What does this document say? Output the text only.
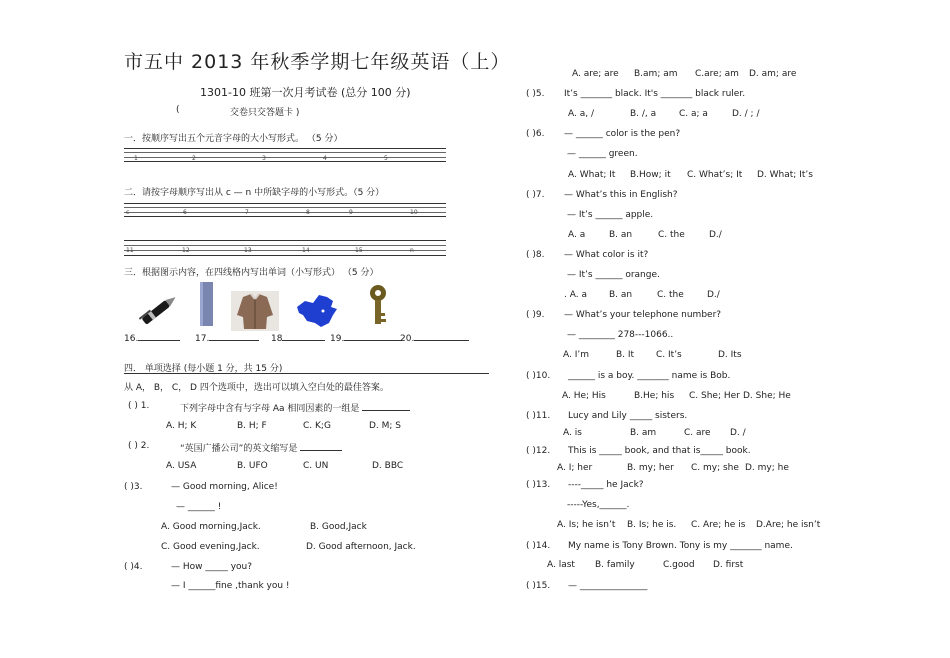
市五中 2013 年秋季学期七年级英语（上）
1301-10 班第一次月考试卷 (总分 100 分)
(	交卷只交答题卡 )
一．按顺序写出五个元音字母的大小写形式。 （5 分）
1	2	3	4	5
二．请按字母顺序写出从 c — n 中所缺字母的小写形式。（5 分）
c	6	7	8	9	10
11	12	13	14	15	n
三．根据图示内容，在四线格内写出单词（小写形式） （5 分）
16.	17.	18	19.	20.
四． 单项选择 (每小题 1 分，共 15 分)
从 A， B， C， D 四个选项中，选出可以填入空白处的最佳答案。
( ) 1.	下列字母中含有与字母 Aa 相同因素的一组是
A. H; K	B. H; F	C. K;G	D. M; S
( ) 2.	“英国广播公司”的英文缩写是
A. USA	B. UFO	C. UN	D. BBC
( )3.	— Good morning, Alice!
— ______ !
A. Good morning,Jack.	B. Good,Jack
C. Good evening,Jack.	D. Good afternoon, Jack.
( )4.	— How _____ you?
— I ______fine ,thank you !
A. are; are B.am; am C.are; am D. am; are
( )5. It’s _______ black. It's _______ black ruler.
A. a, /	B. /, a	C. a; a	D. / ; /
( )6. — ______ color is the pen?
— ______ green.
A. What; It B.How; it C. What’s; It D. What; It’s
( )7. — What’s this in English?
— It’s ______ apple.
A. a	B. an	C. the	D./
( )8. — What color is it?
— It’s ______ orange.
. A. a B. an	C. the	D./
( )9. — What’s your telephone number?
— ________ 278---1066..
A. I’m	B. It C. It’s	D. Its
( )10. ______ is a boy. _______ name is Bob.
A. He; His	B.He; his C. She; Her D. She; He
( )11. Lucy and Lily _____ sisters.
A. is	B. am	C. are D. /
( )12. This is _____ book, and that is_____ book.
A. I; her	B. my; her C. my; she D. my; he
( )13. ----_____ he Jack?
-----Yes,______.
A. Is; he isn’t B. Is; he is. C. Are; he is D.Are; he isn’t
( )14. My name is Tony Brown. Tony is my _______ name.
A. last B. family	C.good D. first
( )15. — _______________
